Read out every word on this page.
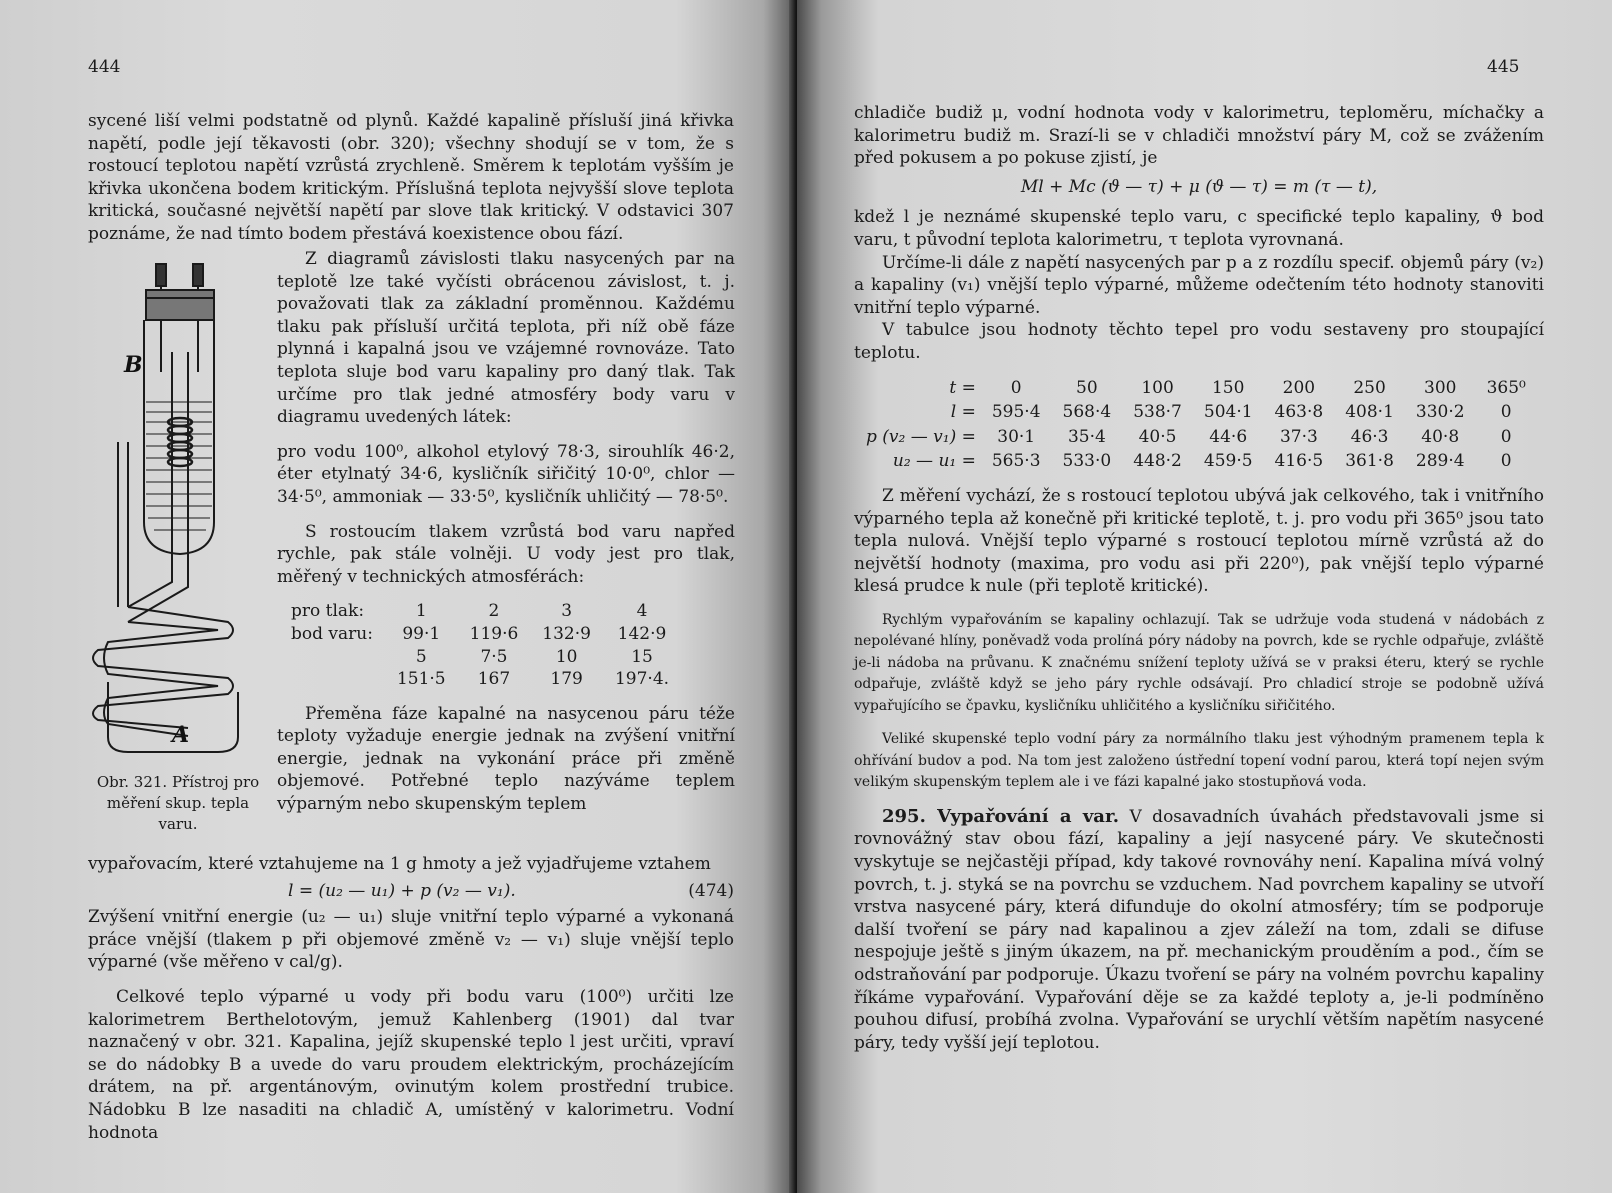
444

sycené liší velmi podstatně od plynů. Každé kapalině přísluší jiná křivka napětí, podle její těkavosti (obr. 320); všechny shodují se v tom, že s rostoucí teplotou napětí vzrůstá zrychleně. Směrem k teplotám vyšším je křivka ukončena bodem kritickým. Příslušná teplota nejvyšší slove teplota kritická, současné největší napětí par slove tlak kritický. V odstavici 307 poznáme, že nad tímto bodem přestává koexistence obou fází.

B
A

Z diagramů závislosti tlaku nasycených par na teplotě lze také vyčísti obrácenou závislost, t. j. považovati tlak za základní proměnnou. Každému tlaku pak přísluší určitá teplota, při níž obě fáze plynná i kapalná jsou ve vzájemné rovnováze. Tato teplota sluje bod varu kapaliny pro daný tlak. Tak určíme pro tlak jedné atmosféry body varu v diagramu uvedených látek:

pro vodu 100⁰, alkohol etylový 78·3, sirouhlík 46·2, éter etylnatý 34·6, kysličník siřičitý 10·0⁰, chlor — 34·5⁰, ammoniak — 33·5⁰, kysličník uhličitý — 78·5⁰.

S rostoucím tlakem vzrůstá bod varu napřed rychle, pak stále volněji. U vody jest pro tlak, měřený v technických atmosférách:

pro tlak:	1	2	3	4
bod varu:	99·1	119·6	132·9	142·9
	5	7·5	10	15
	151·5	167	179	197·4.

Přeměna fáze kapalné na nasycenou páru téže teploty vyžaduje energie jednak na zvýšení vnitřní energie, jednak na vykonání práce při změně objemové. Potřebné teplo nazýváme teplem výparným nebo skupenským teplem

Obr. 321. Přístroj pro měření skup. tepla varu.

vypařovacím, které vztahujeme na 1 g hmoty a jež vyjadřujeme vztahem

l = (u₂ — u₁) + p (v₂ — v₁).	(474)

Zvýšení vnitřní energie (u₂ — u₁) sluje vnitřní teplo výparné a vykonaná práce vnější (tlakem p při objemové změně v₂ — v₁) sluje vnější teplo výparné (vše měřeno v cal/g).

Celkové teplo výparné u vody při bodu varu (100⁰) určiti lze kalorimetrem Berthelotovým, jemuž Kahlenberg (1901) dal tvar naznačený v obr. 321. Kapalina, jejíž skupenské teplo l jest určiti, vpraví se do nádobky B a uvede do varu proudem elektrickým, procházejícím drátem, na př. argentánovým, ovinutým kolem prostřední trubice. Nádobku B lze nasaditi na chladič A, umístěný v kalorimetru. Vodní hodnota

445

chladiče budiž μ, vodní hodnota vody v kalorimetru, teploměru, míchačky a kalorimetru budiž m. Srazí-li se v chladiči množství páry M, což se zvážením před pokusem a po pokuse zjistí, je

Ml + Mc (ϑ — τ) + μ (ϑ — τ) = m (τ — t),

kdež l je neznámé skupenské teplo varu, c specifické teplo kapaliny, ϑ bod varu, t původní teplota kalorimetru, τ teplota vyrovnaná.

Určíme-li dále z napětí nasycených par p a z rozdílu specif. objemů páry (v₂) a kapaliny (v₁) vnější teplo výparné, můžeme odečtením této hodnoty stanoviti vnitřní teplo výparné.

V tabulce jsou hodnoty těchto tepel pro vodu sestaveny pro stoupající teplotu.

t =	0	50	100	150	200	250	300	365⁰
l =	595·4	568·4	538·7	504·1	463·8	408·1	330·2	0
p (v₂ — v₁) =	30·1	35·4	40·5	44·6	37·3	46·3	40·8	0
u₂ — u₁ =	565·3	533·0	448·2	459·5	416·5	361·8	289·4	0

Z měření vychází, že s rostoucí teplotou ubývá jak celkového, tak i vnitřního výparného tepla až konečně při kritické teplotě, t. j. pro vodu při 365⁰ jsou tato tepla nulová. Vnější teplo výparné s rostoucí teplotou mírně vzrůstá až do největší hodnoty (maxima, pro vodu asi při 220⁰), pak vnější teplo výparné klesá prudce k nule (při teplotě kritické).

Rychlým vypařováním se kapaliny ochlazují. Tak se udržuje voda studená v nádobách z nepolévané hlíny, poněvadž voda prolíná póry nádoby na povrch, kde se rychle odpařuje, zvláště je-li nádoba na průvanu. K značnému snížení teploty užívá se v praksi éteru, který se rychle odpařuje, zvláště když se jeho páry rychle odsávají. Pro chladicí stroje se podobně užívá vypařujícího se čpavku, kysličníku uhličitého a kysličníku siřičitého.

Veliké skupenské teplo vodní páry za normálního tlaku jest výhodným pramenem tepla k ohřívání budov a pod. Na tom jest založeno ústřední topení vodní parou, která topí nejen svým velikým skupenským teplem ale i ve fázi kapalné jako stostupňová voda.

295. Vypařování a var. V dosavadních úvahách představovali jsme si rovnovážný stav obou fází, kapaliny a její nasycené páry. Ve skutečnosti vyskytuje se nejčastěji případ, kdy takové rovnováhy není. Kapalina mívá volný povrch, t. j. styká se na povrchu se vzduchem. Nad povrchem kapaliny se utvoří vrstva nasycené páry, která difunduje do okolní atmosféry; tím se podporuje další tvoření se páry nad kapalinou a zjev záleží na tom, zdali se difuse nespojuje ještě s jiným úkazem, na př. mechanickým prouděním a pod., čím se odstraňování par podporuje. Úkazu tvoření se páry na volném povrchu kapaliny říkáme vypařování. Vypařování děje se za každé teploty a, je-li podmíněno pouhou difusí, probíhá zvolna. Vypařování se urychlí větším napětím nasycené páry, tedy vyšší její teplotou.
